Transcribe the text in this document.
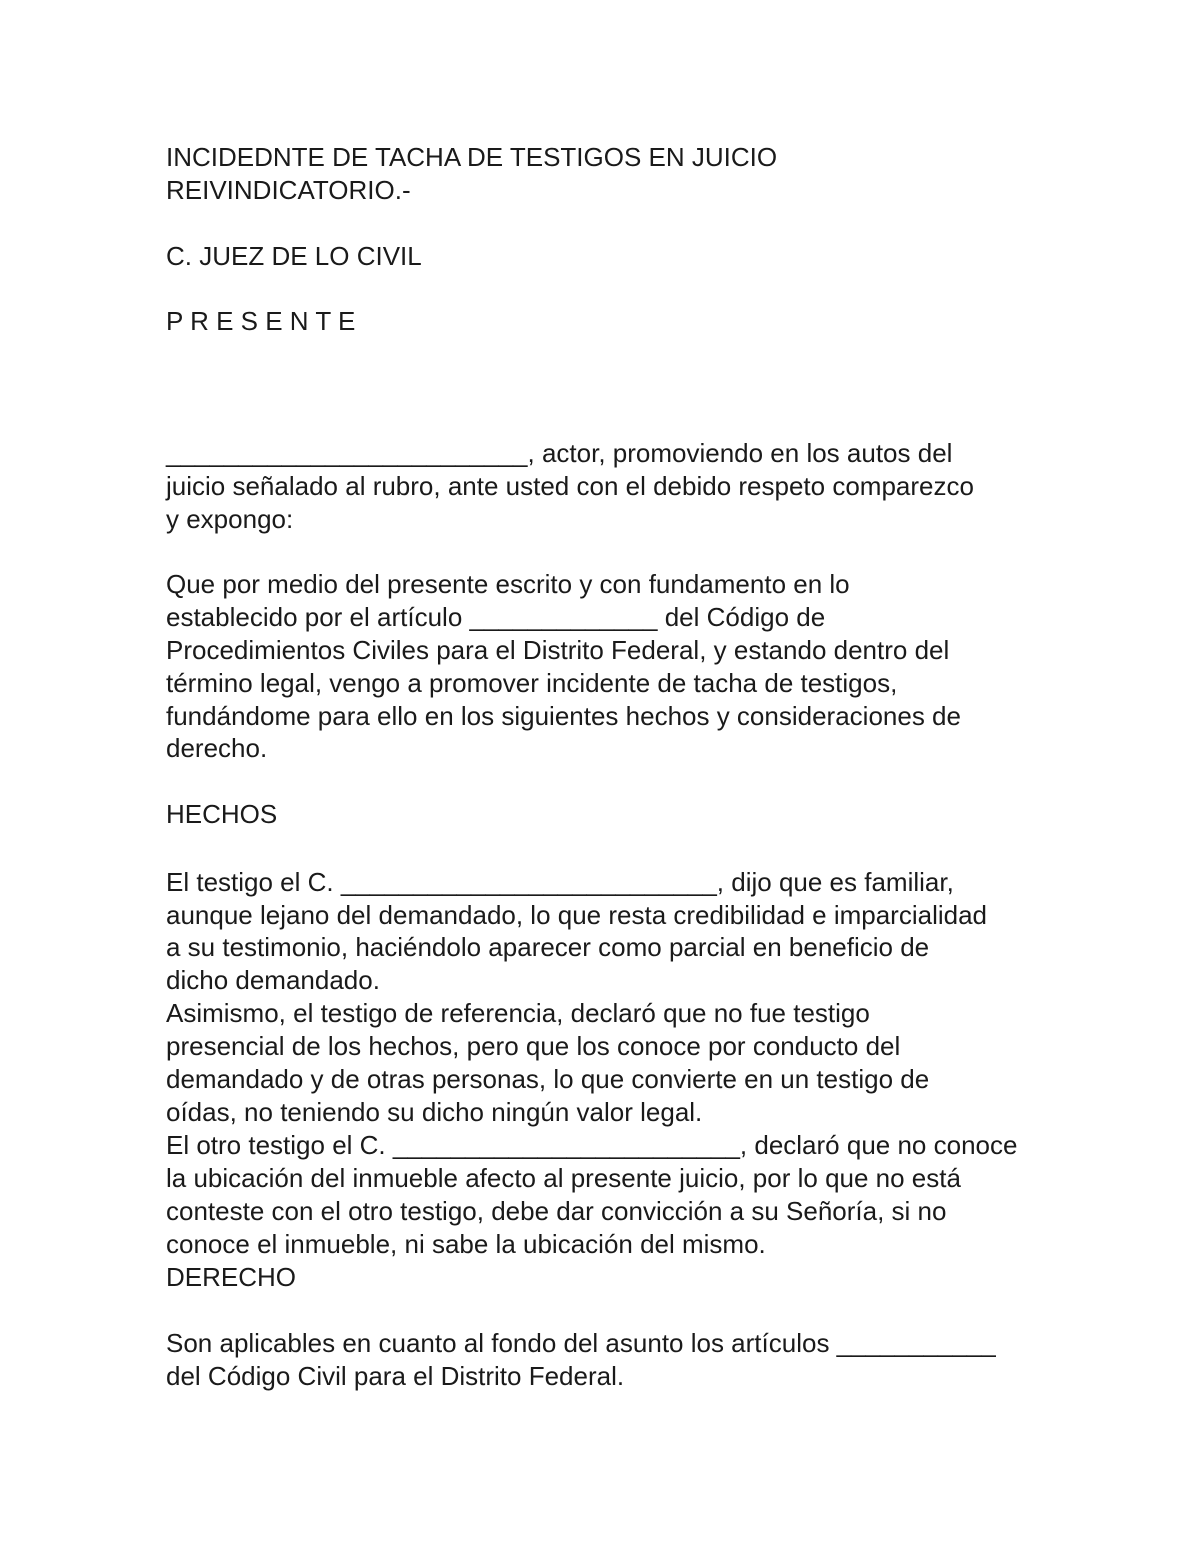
INCIDEDNTE DE TACHA DE TESTIGOS EN JUICIO

REIVINDICATORIO.-

C. JUEZ DE LO CIVIL

P R E S E N T E

_________________________, actor, promoviendo en los autos del

juicio señalado al rubro, ante usted con el debido respeto comparezco

y expongo:

Que por medio del presente escrito y con fundamento en lo

establecido por el artículo _____________ del Código de

Procedimientos Civiles para el Distrito Federal, y estando dentro del

término legal, vengo a promover incidente de tacha de testigos,

fundándome para ello en los siguientes hechos y consideraciones de

derecho.

HECHOS

El testigo el C. __________________________, dijo que es familiar,

aunque lejano del demandado, lo que resta credibilidad e imparcialidad

a su testimonio, haciéndolo aparecer como parcial en beneficio de

dicho demandado.

Asimismo, el testigo de referencia, declaró que no fue testigo

presencial de los hechos, pero que los conoce por conducto del

demandado y de otras personas, lo que convierte en un testigo de

oídas, no teniendo su dicho ningún valor legal.

El otro testigo el C. ________________________, declaró que no conoce

la ubicación del inmueble afecto al presente juicio, por lo que no está

conteste con el otro testigo, debe dar convicción a su Señoría, si no

conoce el inmueble, ni sabe la ubicación del mismo.

DERECHO

Son aplicables en cuanto al fondo del asunto los artículos ___________

del Código Civil para el Distrito Federal.
